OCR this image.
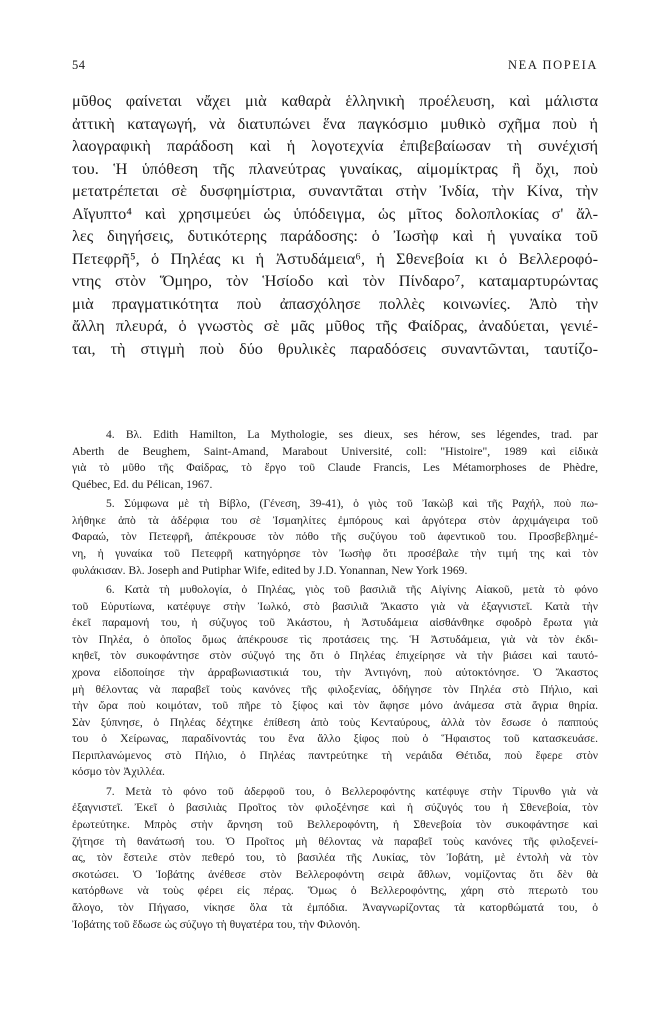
54	ΝΕΑ ΠΟΡΕΙΑ
μῦθος φαίνεται νἄχει μιὰ καθαρὰ ἑλληνικὴ προέλευση, καὶ μάλιστα
ἀττικὴ καταγωγή, νὰ διατυπώνει ἕνα παγκόσμιο μυθικὸ σχῆμα ποὺ ἡ
λαογραφικὴ παράδοση καὶ ἡ λογοτεχνία ἐπιβεβαίωσαν τὴ συνέχισή
του. Ἡ ὑπόθεση τῆς πλανεύτρας γυναίκας, αἱμομίκτρας ἢ ὄχι, ποὺ
μετατρέπεται σὲ δυσφημίστρια, συναντᾶται στὴν Ἰνδία, τὴν Κίνα, τὴν
Αἴγυπτο⁴ καὶ χρησιμεύει ὡς ὑπόδειγμα, ὡς μῖτος δολοπλοκίας σ' ἄλ-
λες διηγήσεις, δυτικότερης παράδοσης: ὁ Ἰωσὴφ καὶ ἡ γυναίκα τοῦ
Πετεφρῆ⁵, ὁ Πηλέας κι ἡ Ἀστυδάμεια⁶, ἡ Σθενεβοία κι ὁ Βελλεροφό-
ντης στὸν Ὅμηρο, τὸν Ἡσίοδο καὶ τὸν Πίνδαρο⁷, καταμαρτυρώντας
μιὰ πραγματικότητα ποὺ ἀπασχόλησε πολλὲς κοινωνίες. Ἀπὸ τὴν
ἄλλη πλευρά, ὁ γνωστὸς σὲ μᾶς μῦθος τῆς Φαίδρας, ἀναδύεται, γενιέ-
ται, τὴ στιγμὴ ποὺ δύο θρυλικὲς παραδόσεις συναντῶνται, ταυτίζο-
4. Βλ. Edith Hamilton, La Mythologie, ses dieux, ses hérow, ses légendes, trad. par
Aberth de Beughem, Saint-Amand, Marabout Université, coll: "Histoire", 1989 καὶ εἰδικὰ
γιὰ τὸ μῦθο τῆς Φαίδρας, τὸ ἔργο τοῦ Claude Francis, Les Métamorphoses de Phèdre,
Québec, Ed. du Pélican, 1967.
5. Σύμφωνα μὲ τὴ Βίβλο, (Γένεση, 39-41), ὁ γιὸς τοῦ Ἰακὼβ καὶ τῆς Ραχήλ, ποὺ πω-
λήθηκε ἀπὸ τὰ ἀδέρφια του σὲ Ἰσμαηλίτες ἐμπόρους καὶ ἀργότερα στὸν ἀρχιμάγειρα τοῦ
Φαραώ, τὸν Πετεφρῆ, ἀπέκρουσε τὸν πόθο τῆς συζύγου τοῦ ἀφεντικοῦ του. Προσβεβλημέ-
νη, ἡ γυναίκα τοῦ Πετεφρῆ κατηγόρησε τὸν Ἰωσὴφ ὅτι προσέβαλε τὴν τιμή της καὶ τὸν
φυλάκισαν. Βλ. Joseph and Putiphar Wife, edited by J.D. Yonannan, New York 1969.
6. Κατὰ τὴ μυθολογία, ὁ Πηλέας, γιὸς τοῦ βασιλιᾶ τῆς Αἰγίνης Αἰακοῦ, μετὰ τὸ φόνο
τοῦ Εὐρυτίωνα, κατέφυγε στὴν Ἰωλκό, στὸ βασιλιᾶ Ἄκαστο γιὰ νὰ ἐξαγνιστεῖ. Κατὰ τὴν
ἐκεῖ παραμονή του, ἡ σύζυγος τοῦ Ἀκάστου, ἡ Ἀστυδάμεια αἰσθάνθηκε σφοδρὸ ἔρωτα γιὰ
τὸν Πηλέα, ὁ ὁποῖος ὅμως ἀπέκρουσε τὶς προτάσεις της. Ἡ Ἀστυδάμεια, γιὰ νὰ τὸν ἐκδι-
κηθεῖ, τὸν συκοφάντησε στὸν σύζυγό της ὅτι ὁ Πηλέας ἐπιχείρησε νὰ τὴν βιάσει καὶ ταυτό-
χρονα εἰδοποίησε τὴν ἀρραβωνιαστικιά του, τὴν Ἀντιγόνη, ποὺ αὐτοκτόνησε. Ὁ Ἄκαστος
μὴ θέλοντας νὰ παραβεῖ τοὺς κανόνες τῆς φιλοξενίας, ὁδήγησε τὸν Πηλέα στὸ Πήλιο, καὶ
τὴν ὥρα ποὺ κοιμόταν, τοῦ πῆρε τὸ ξίφος καὶ τὸν ἄφησε μόνο ἀνάμεσα στὰ ἄγρια θηρία.
Σὰν ξύπνησε, ὁ Πηλέας δέχτηκε ἐπίθεση ἀπὸ τοὺς Κενταύρους, ἀλλὰ τὸν ἔσωσε ὁ παππούς
του ὁ Χείρωνας, παραδίνοντάς του ἕνα ἄλλο ξίφος ποὺ ὁ Ἥφαιστος τοῦ κατασκευάσε.
Περιπλανώμενος στὸ Πήλιο, ὁ Πηλέας παντρεύτηκε τὴ νεράιδα Θέτιδα, ποὺ ἔφερε στὸν
κόσμο τὸν Ἀχιλλέα.
7. Μετὰ τὸ φόνο τοῦ ἀδερφοῦ του, ὁ Βελλεροφόντης κατέφυγε στὴν Τίρυνθο γιὰ νὰ
ἐξαγνιστεῖ. Ἐκεῖ ὁ βασιλιὰς Προῖτος τὸν φιλοξένησε καὶ ἡ σύζυγός του ἡ Σθενεβοία, τὸν
ἐρωτεύτηκε. Μπρὸς στὴν ἄρνηση τοῦ Βελλεροφόντη, ἡ Σθενεβοία τὸν συκοφάντησε καὶ
ζήτησε τὴ θανάτωσή του. Ὁ Προῖτος μὴ θέλοντας νὰ παραβεῖ τοὺς κανόνες τῆς φιλοξενεί-
ας, τὸν ἔστειλε στὸν πεθερό του, τὸ βασιλέα τῆς Λυκίας, τὸν Ἰοβάτη, μὲ ἐντολὴ νὰ τὸν
σκοτώσει. Ὁ Ἰοβάτης ἀνέθεσε στὸν Βελλεροφόντη σειρὰ ἄθλων, νομίζοντας ὅτι δὲν θὰ
κατόρθωνε νὰ τοὺς φέρει εἰς πέρας. Ὅμως ὁ Βελλεροφόντης, χάρη στὸ πτερωτὸ του
ἄλογο, τὸν Πήγασο, νίκησε ὅλα τὰ ἐμπόδια. Ἀναγνωρίζοντας τὰ κατορθώματά του, ὁ
Ἰοβάτης τοῦ ἔδωσε ὡς σύζυγο τὴ θυγατέρα του, τὴν Φιλονόη.
